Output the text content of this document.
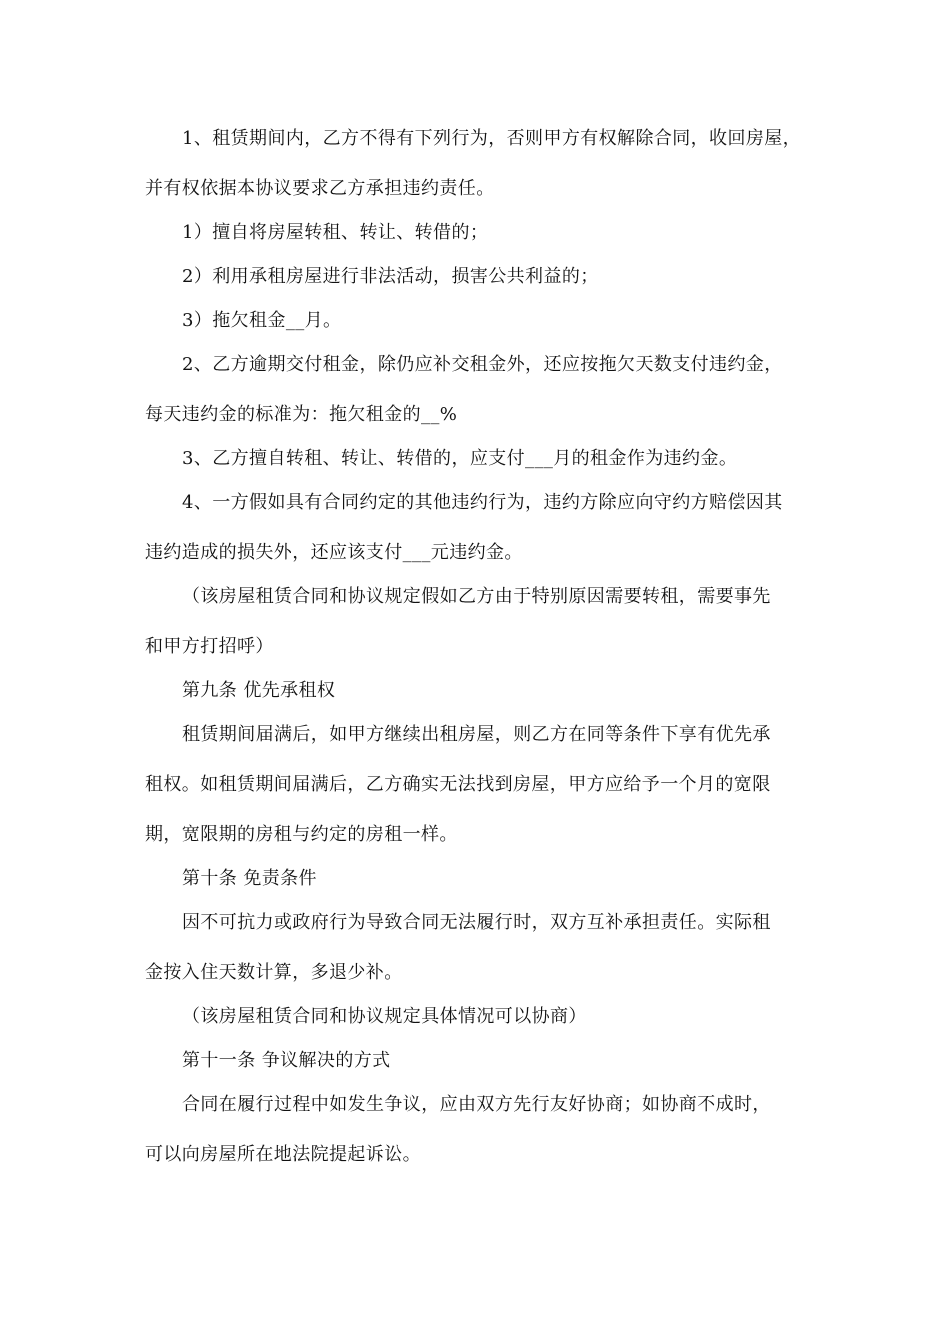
1、租赁期间内，乙方不得有下列行为，否则甲方有权解除合同，收回房屋，
并有权依据本协议要求乙方承担违约责任。
1）擅自将房屋转租、转让、转借的；
2）利用承租房屋进行非法活动，损害公共利益的；
3）拖欠租金__月。
2、乙方逾期交付租金，除仍应补交租金外，还应按拖欠天数支付违约金，
每天违约金的标准为：拖欠租金的__%
3、乙方擅自转租、转让、转借的，应支付___月的租金作为违约金。
4、一方假如具有合同约定的其他违约行为，违约方除应向守约方赔偿因其
违约造成的损失外，还应该支付___元违约金。
（该房屋租赁合同和协议规定假如乙方由于特别原因需要转租，需要事先
和甲方打招呼）
第九条 优先承租权
租赁期间届满后，如甲方继续出租房屋，则乙方在同等条件下享有优先承
租权。如租赁期间届满后，乙方确实无法找到房屋，甲方应给予一个月的宽限
期，宽限期的房租与约定的房租一样。
第十条 免责条件
因不可抗力或政府行为导致合同无法履行时，双方互补承担责任。实际租
金按入住天数计算，多退少补。
（该房屋租赁合同和协议规定具体情况可以协商）
第十一条 争议解决的方式
合同在履行过程中如发生争议，应由双方先行友好协商；如协商不成时，
可以向房屋所在地法院提起诉讼。
